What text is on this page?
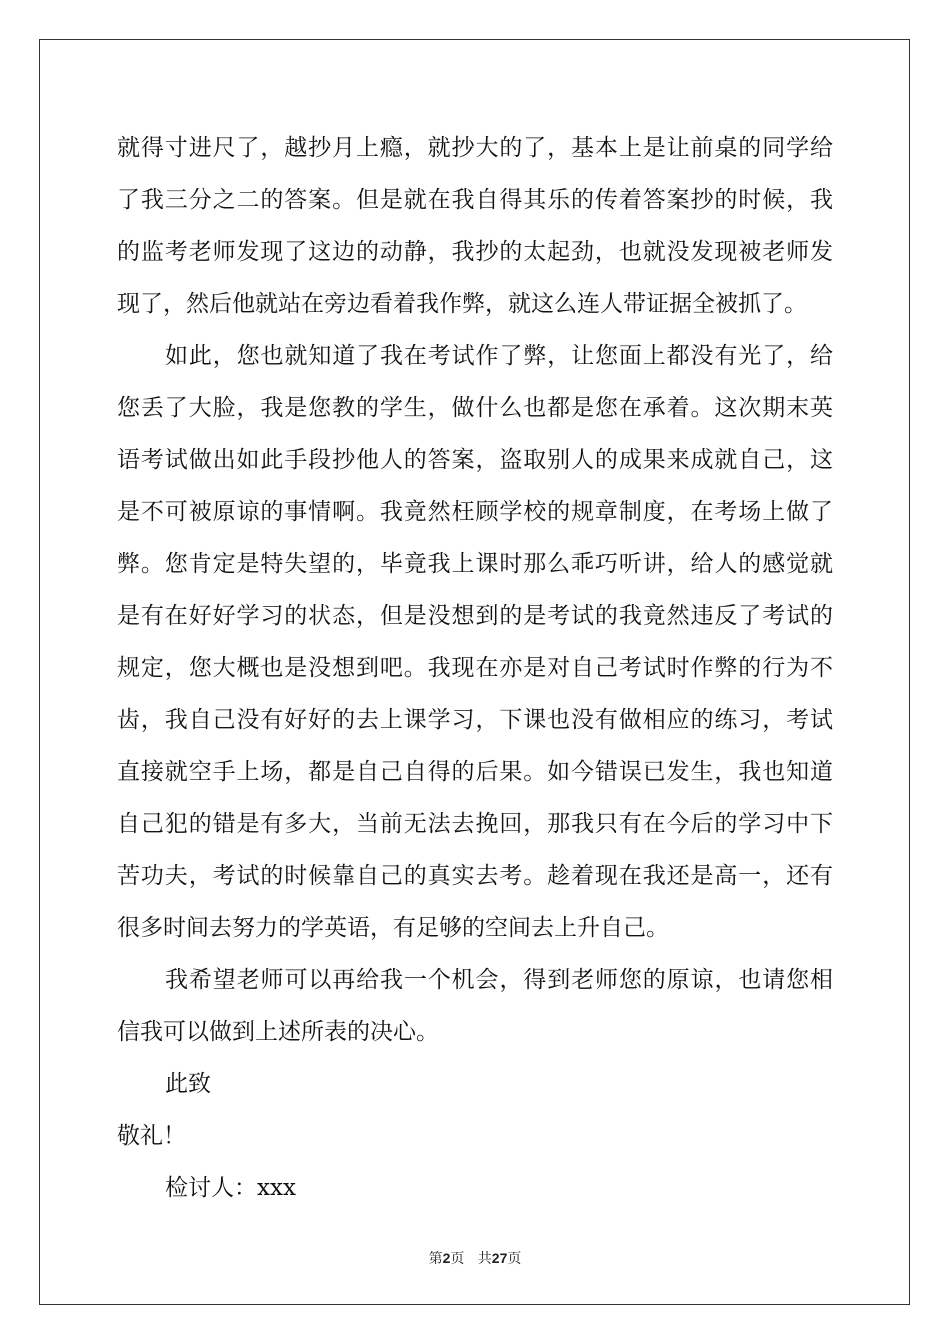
就得寸进尺了，越抄月上瘾，就抄大的了，基本上是让前桌的同学给
了我三分之二的答案。但是就在我自得其乐的传着答案抄的时候，我
的监考老师发现了这边的动静，我抄的太起劲，也就没发现被老师发
现了，然后他就站在旁边看着我作弊，就这么连人带证据全被抓了。
如此，您也就知道了我在考试作了弊，让您面上都没有光了，给
您丢了大脸，我是您教的学生，做什么也都是您在承着。这次期末英
语考试做出如此手段抄他人的答案，盗取别人的成果来成就自己，这
是不可被原谅的事情啊。我竟然枉顾学校的规章制度，在考场上做了
弊。您肯定是特失望的，毕竟我上课时那么乖巧听讲，给人的感觉就
是有在好好学习的状态，但是没想到的是考试的我竟然违反了考试的
规定，您大概也是没想到吧。我现在亦是对自己考试时作弊的行为不
齿，我自己没有好好的去上课学习，下课也没有做相应的练习，考试
直接就空手上场，都是自己自得的后果。如今错误已发生，我也知道
自己犯的错是有多大，当前无法去挽回，那我只有在今后的学习中下
苦功夫，考试的时候靠自己的真实去考。趁着现在我还是高一，还有
很多时间去努力的学英语，有足够的空间去上升自己。
我希望老师可以再给我一个机会，得到老师您的原谅，也请您相
信我可以做到上述所表的决心。
此致
敬礼！
检讨人：xxx
第2页 共27页
